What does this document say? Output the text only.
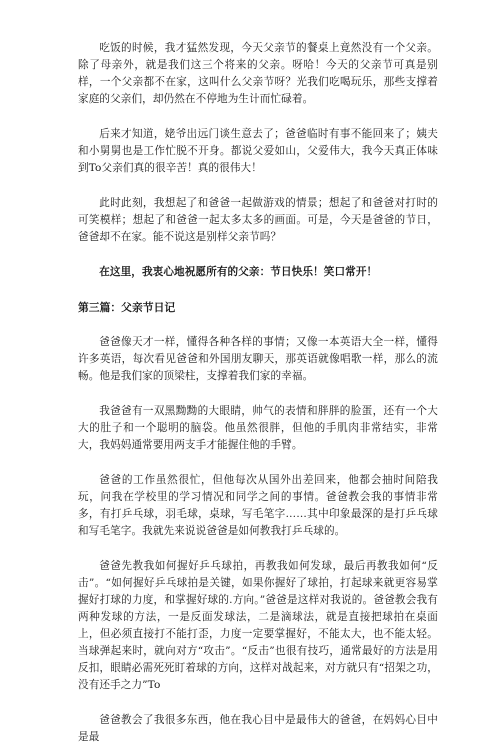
吃饭的时候，我才猛然发现，今天父亲节的餐桌上竟然没有一个父亲。除了母亲外，就是我们这三个将来的父亲。呀哈！今天的父亲节可真是别样，一个父亲都不在家，这叫什么父亲节呀？光我们吃喝玩乐，那些支撑着家庭的父亲们，却仍然在不停地为生计而忙碌着。

后来才知道，姥爷出远门谈生意去了；爸爸临时有事不能回来了；姨夫和小舅舅也是工作忙脱不开身。都说父爱如山，父爱伟大，我今天真正体味到To父亲们真的很辛苦！真的很伟大！

此时此刻，我想起了和爸爸一起做游戏的情景；想起了和爸爸对打时的可笑模样；想起了和爸爸一起太多太多的画面。可是，今天是爸爸的节日，爸爸却不在家。能不说这是别样父亲节吗？

在这里，我衷心地祝愿所有的父亲：节日快乐！笑口常开！

第三篇：父亲节日记

爸爸像天才一样，懂得各种各样的事情；又像一本英语大全一样，懂得许多英语，每次看见爸爸和外国朋友聊天，那英语就像唱歌一样，那么的流畅。他是我们家的顶梁柱，支撑着我们家的幸福。

我爸爸有一双黑黝黝的大眼睛，帅气的表情和胖胖的脸蛋，还有一个大大的肚子和一个聪明的脑袋。他虽然很胖，但他的手肌肉非常结实，非常大，我妈妈通常要用两支手才能握住他的手臂。

爸爸的工作虽然很忙，但他每次从国外出差回来，他都会抽时间陪我玩，问我在学校里的学习情况和同学之间的事情。爸爸教会我的事情非常多，有打乒乓球，羽毛球，桌球，写毛笔字……其中印象最深的是打乒乓球和写毛笔字。我就先来说说爸爸是如何教我打乒乓球的。

爸爸先教我如何握好乒乓球拍，再教我如何发球，最后再教我如何“反击”。“如何握好乒乓球拍是关键，如果你握好了球拍，打起球来就更容易掌握好打球的力度，和掌握好球的.方向。”爸爸是这样对我说的。爸爸教会我有两种发球的方法，一是反面发球法，二是滴球法，就是直接把球拍在桌面上，但必须直接打不能打歪，力度一定要掌握好，不能太大，也不能太轻。当球弹起来时，就向对方“攻击”。“反击”也很有技巧，通常最好的方法是用反扣，眼睛必需死死盯着球的方向，这样对战起来，对方就只有“招架之功，没有还手之力”To

爸爸教会了我很多东西，他在我心目中是最伟大的爸爸，在妈妈心目中是最
